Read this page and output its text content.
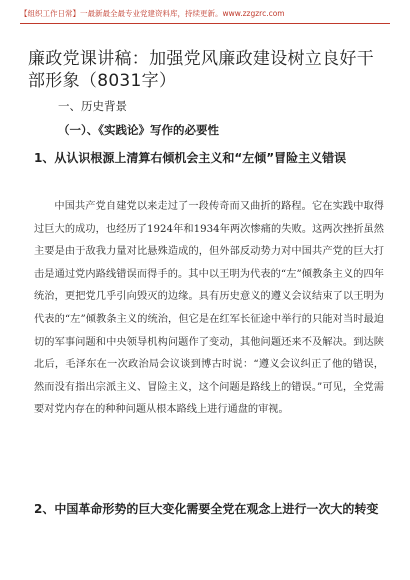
【组织工作日常】一最新最全最专业党建资料库，持续更新。www.zzgzrc.com
廉政党课讲稿：加强党风廉政建设树立良好干部形象（8031字）
一、历史背景
（一）、《实践论》写作的必要性
1、从认识根源上清算右倾机会主义和“左倾”冒险主义错误
中国共产党自建党以来走过了一段传奇而又曲折的路程。它在实践中取得过巨大的成功，也经历了1924年和1934年两次惨痛的失败。这两次挫折虽然主要是由于敌我力量对比悬殊造成的，但外部反动势力对中国共产党的巨大打击是通过党内路线错误而得手的。其中以王明为代表的“左”倾教条主义的四年统治，更把党几乎引向毁灭的边缘。具有历史意义的遵义会议结束了以王明为代表的“左”倾教条主义的统治，但它是在红军长征途中举行的只能对当时最迫切的军事问题和中央领导机构问题作了变动，其他问题还来不及解决。到达陕北后，毛泽东在一次政治局会议谈到博古时说：“遵义会议纠正了他的错误，然而没有指出宗派主义、冒险主义，这个问题是路线上的错误。”可见，全党需要对党内存在的种种问题从根本路线上进行通盘的审视。
2、中国革命形势的巨大变化需要全党在观念上进行一次大的转变
